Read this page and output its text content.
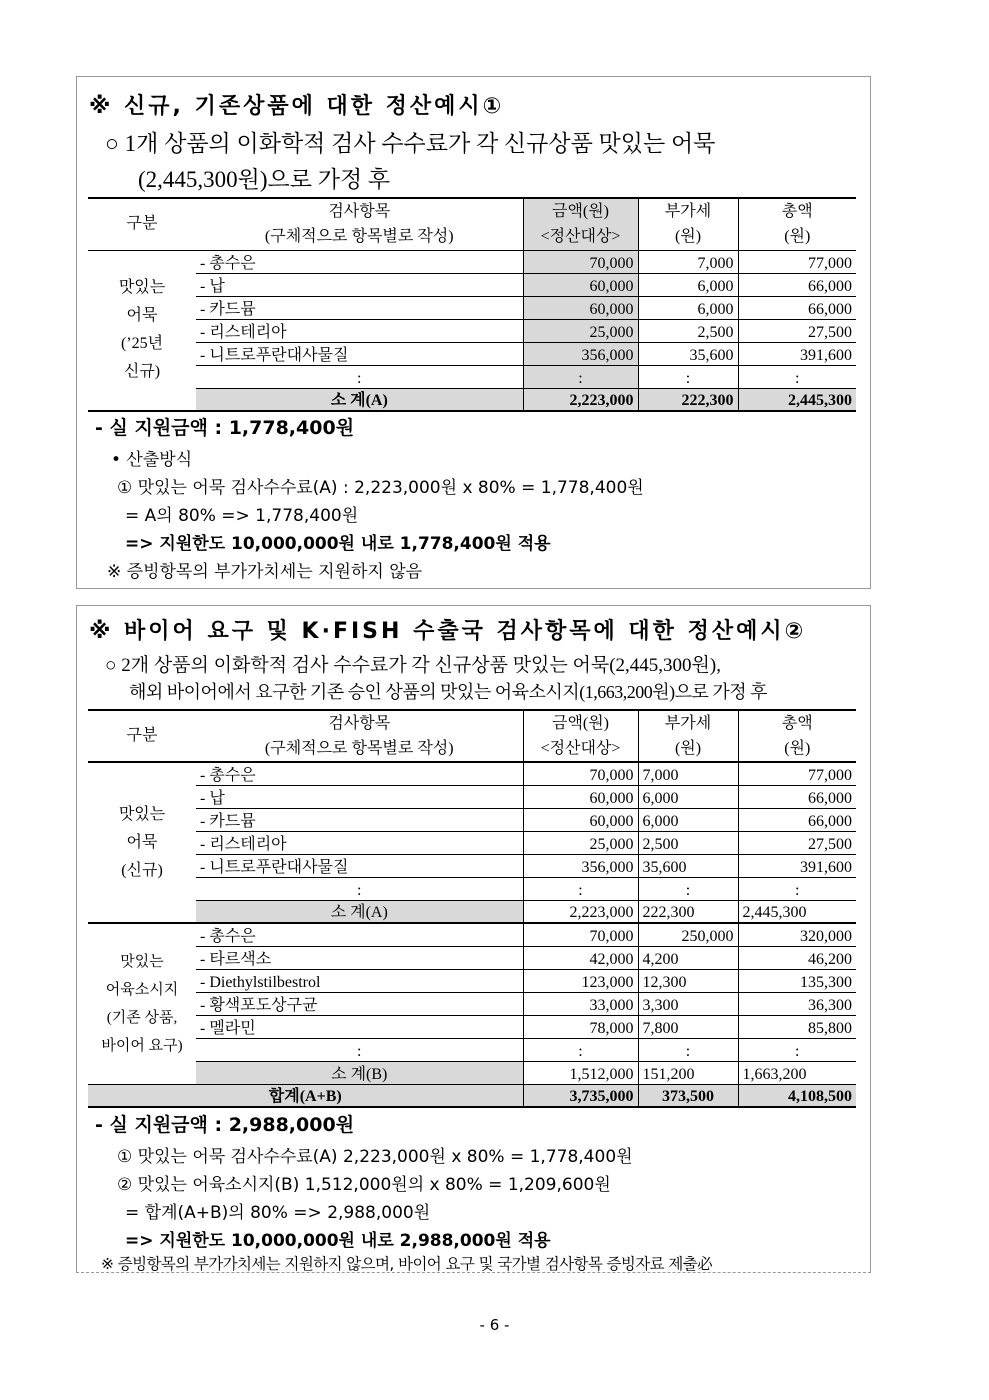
※ 신규, 기존상품에 대한 정산예시①
○ 1개 상품의 이화학적 검사 수수료가 각 신규상품 맛있는 어묵
(2,445,300원)으로 가정 후
구분	검사항목	금액(원)	부가세	총액
	(구체적으로 항목별로 작성)	<정산대상>	(원)	(원)

맛있는
어묵
(’25년
신규)	- 총수은	70,000	7,000	77,000
	- 납	60,000	6,000	66,000
	- 카드뮴	60,000	6,000	66,000
	- 리스테리아	25,000	2,500	27,500
	- 니트로푸란대사물질	356,000	35,600	391,600
	:	:	:	:
	소 계(A)	2,223,000	222,300	2,445,300
- 실 지원금액 : 1,778,400원
• 산출방식
① 맛있는 어묵 검사수수료(A) : 2,223,000원 x 80% = 1,778,400원
= A의 80% => 1,778,400원
=> 지원한도 10,000,000원 내로 1,778,400원 적용
※ 증빙항목의 부가가치세는 지원하지 않음
※ 바이어 요구 및 K·FISH 수출국 검사항목에 대한 정산예시②
○ 2개 상품의 이화학적 검사 수수료가 각 신규상품 맛있는 어묵(2,445,300원),
해외 바이어에서 요구한 기존 승인 상품의 맛있는 어육소시지(1,663,200원)으로 가정 후
구분	검사항목	금액(원)	부가세	총액
	(구체적으로 항목별로 작성)	<정산대상>	(원)	(원)

맛있는
어묵
(신규)	- 총수은	70,000	7,000	77,000
	- 납	60,000	6,000	66,000
	- 카드뮴	60,000	6,000	66,000
	- 리스테리아	25,000	2,500	27,500
	- 니트로푸란대사물질	356,000	35,600	391,600
	:	:	:	:
	소 계(A)	2,223,000	222,300	2,445,300

맛있는
어육소시지
(기존 상품,
바이어 요구)	- 총수은	70,000	250,000	320,000
	- 타르색소	42,000	4,200	46,200
	- Diethylstilbestrol	123,000	12,300	135,300
	- 황색포도상구균	33,000	3,300	36,300
	- 멜라민	78,000	7,800	85,800
	:	:	:	:
	소 계(B)	1,512,000	151,200	1,663,200
합계(A+B)		3,735,000	373,500	4,108,500
- 실 지원금액 : 2,988,000원
① 맛있는 어묵 검사수수료(A) 2,223,000원 x 80% = 1,778,400원
② 맛있는 어육소시지(B) 1,512,000원의 x 80% = 1,209,600원
= 합계(A+B)의 80% => 2,988,000원
=> 지원한도 10,000,000원 내로 2,988,000원 적용
※ 증빙항목의 부가가치세는 지원하지 않으며, 바이어 요구 및 국가별 검사항목 증빙자료 제출必
- 6 -
